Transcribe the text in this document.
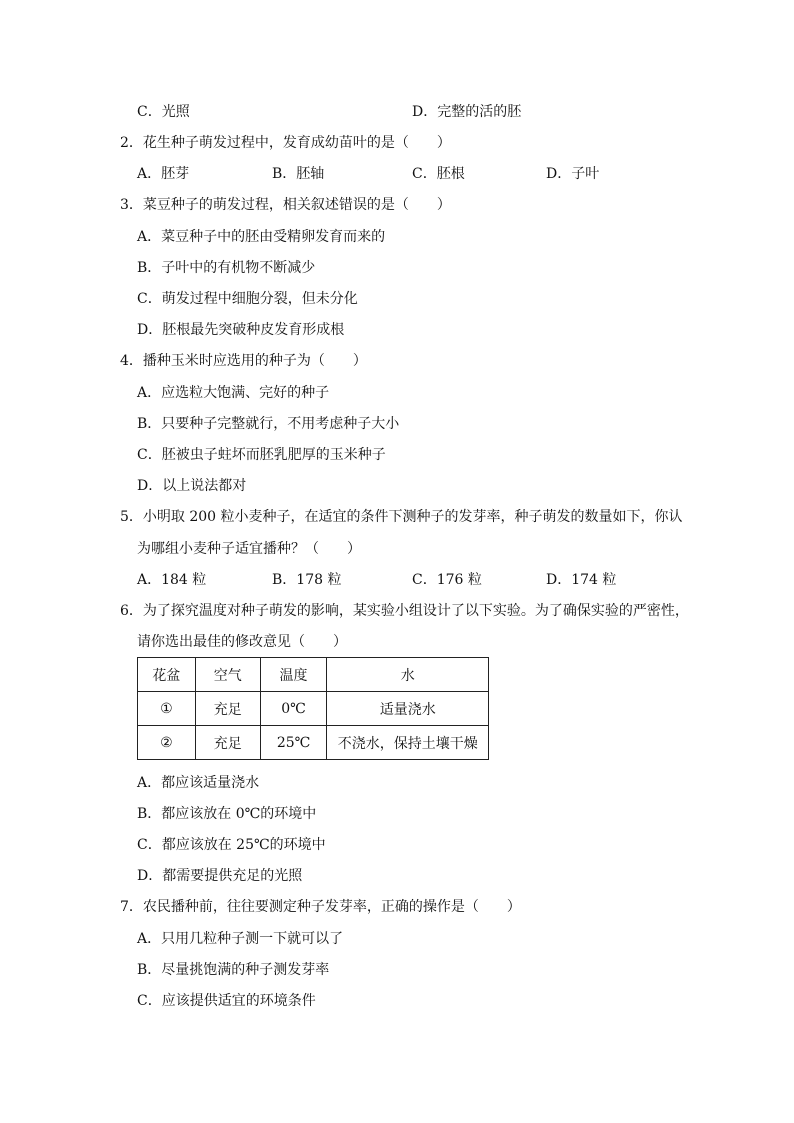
C．光照	D．完整的活的胚
2．花生种子萌发过程中，发育成幼苗叶的是（　　）
A．胚芽	B．胚轴	C．胚根	D．子叶
3．菜豆种子的萌发过程，相关叙述错误的是（　　）
A．菜豆种子中的胚由受精卵发育而来的
B．子叶中的有机物不断减少
C．萌发过程中细胞分裂，但未分化
D．胚根最先突破种皮发育形成根
4．播种玉米时应选用的种子为（　　）
A．应选粒大饱满、完好的种子
B．只要种子完整就行，不用考虑种子大小
C．胚被虫子蛀坏而胚乳肥厚的玉米种子
D．以上说法都对
5．小明取 200 粒小麦种子，在适宜的条件下测种子的发芽率，种子萌发的数量如下，你认
为哪组小麦种子适宜播种？（　　）
A．184 粒	B．178 粒	C．176 粒	D．174 粒
6．为了探究温度对种子萌发的影响，某实验小组设计了以下实验。为了确保实验的严密性，
请你选出最佳的修改意见（　　）
花盆	空气	温度	水
①	充足	0℃	适量浇水
②	充足	25℃	不浇水，保持土壤干燥
A．都应该适量浇水
B．都应该放在 0℃的环境中
C．都应该放在 25℃的环境中
D．都需要提供充足的光照
7．农民播种前，往往要测定种子发芽率，正确的操作是（　　）
A．只用几粒种子测一下就可以了
B．尽量挑饱满的种子测发芽率
C．应该提供适宜的环境条件
